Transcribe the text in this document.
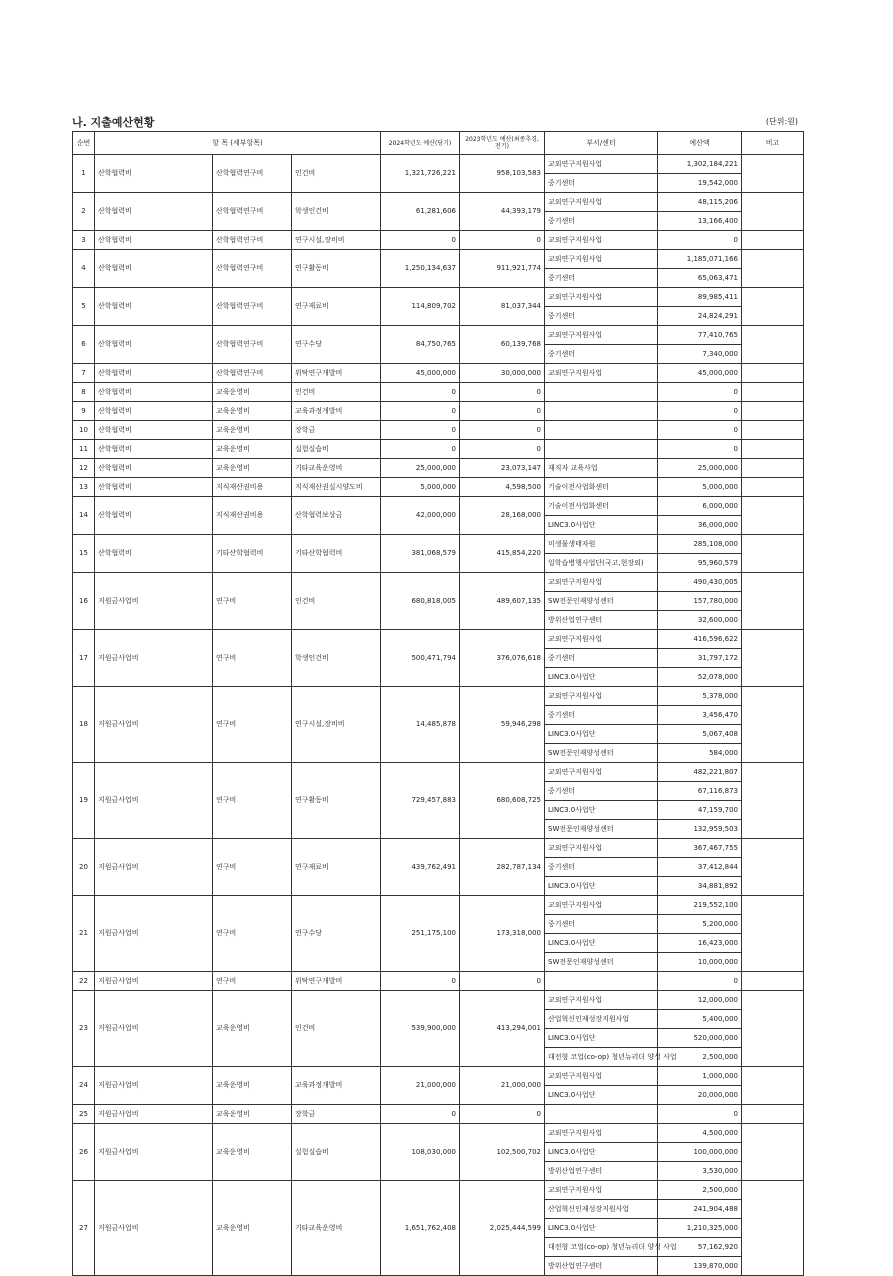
나. 지출예산현황	(단위:원)
순번	항 목 (세부항목)			2024학년도 예산(당기)	2023학년도 예산(최종추경,전기)	부서/센터	예산액	비고
1	산학협력비	산학협력연구비	인건비	1,321,726,221	958,103,583	교외연구지원사업	1,302,184,221	
						중기센터	19,542,000	
2	산학협력비	산학협력연구비	학생인건비	61,281,606	44,393,179	교외연구지원사업	48,115,206	
						중기센터	13,166,400	
3	산학협력비	산학협력연구비	연구시설,장비비	0	0	교외연구지원사업	0	
4	산학협력비	산학협력연구비	연구활동비	1,250,134,637	911,921,774	교외연구지원사업	1,185,071,166	
						중기센터	65,063,471	
5	산학협력비	산학협력연구비	연구재료비	114,809,702	81,037,344	교외연구지원사업	89,985,411	
						중기센터	24,824,291	
6	산학협력비	산학협력연구비	연구수당	84,750,765	60,139,768	교외연구지원사업	77,410,765	
						중기센터	7,340,000	
7	산학협력비	산학협력연구비	위탁연구개발비	45,000,000	30,000,000	교외연구지원사업	45,000,000	
8	산학협력비	교육운영비	인건비	0	0		0	
9	산학협력비	교육운영비	교육과정개발비	0	0		0	
10	산학협력비	교육운영비	장학금	0	0		0	
11	산학협력비	교육운영비	실험실습비	0	0		0	
12	산학협력비	교육운영비	기타교육운영비	25,000,000	23,073,147	재직자 교육사업	25,000,000	
13	산학협력비	지식재산권비용	지식재산권실시양도비	5,000,000	4,598,500	기술이전사업화센터	5,000,000	
14	산학협력비	지식재산권비용	산학협력보상금	42,000,000	28,168,000	기술이전사업화센터	6,000,000	
						LINC3.0사업단	36,000,000	
15	산학협력비	기타산학협력비	기타산학협력비	381,068,579	415,854,220	미생물생태자원	285,108,000	
						일학습병행사업단(국고,현장외)	95,960,579	
16	지원금사업비	연구비	인건비	680,818,005	489,607,135	교외연구지원사업	490,430,005	
						SW전문인재양성센터	157,780,000	
						방위산업연구센터	32,600,000	
17	지원금사업비	연구비	학생인건비	500,471,794	376,076,618	교외연구지원사업	416,596,622	
						중기센터	31,797,172	
						LINC3.0사업단	52,078,000	
18	지원금사업비	연구비	연구시설,장비비	14,485,878	59,946,298	교외연구지원사업	5,378,000	
						중기센터	3,456,470	
						LINC3.0사업단	5,067,408	
						SW전문인재양성센터	584,000	
19	지원금사업비	연구비	연구활동비	729,457,883	680,608,725	교외연구지원사업	482,221,807	
						중기센터	67,116,873	
						LINC3.0사업단	47,159,700	
						SW전문인재양성센터	132,959,503	
20	지원금사업비	연구비	연구재료비	439,762,491	282,787,134	교외연구지원사업	367,467,755	
						중기센터	37,412,844	
						LINC3.0사업단	34,881,892	
21	지원금사업비	연구비	연구수당	251,175,100	173,318,000	교외연구지원사업	219,552,100	
						중기센터	5,200,000	
						LINC3.0사업단	16,423,000	
						SW전문인재양성센터	10,000,000	
22	지원금사업비	연구비	위탁연구개발비	0	0		0	
23	지원금사업비	교육운영비	인건비	539,900,000	413,294,001	교외연구지원사업	12,000,000	
						산업혁신인재성장지원사업	5,400,000	
						LINC3.0사업단	520,000,000	
						대전형 코업(co-op) 청년뉴리더 양성 사업	2,500,000	
24	지원금사업비	교육운영비	교육과정개발비	21,000,000	21,000,000	교외연구지원사업	1,000,000	
						LINC3.0사업단	20,000,000	
25	지원금사업비	교육운영비	장학금	0	0		0	
26	지원금사업비	교육운영비	실험실습비	108,030,000	102,500,702	교외연구지원사업	4,500,000	
						LINC3.0사업단	100,000,000	
						방위산업연구센터	3,530,000	
27	지원금사업비	교육운영비	기타교육운영비	1,651,762,408	2,025,444,599	교외연구지원사업	2,500,000	
						산업혁신인재성장지원사업	241,904,488	
						LINC3.0사업단	1,210,325,000	
						대전형 코업(co-op) 청년뉴리더 양성 사업	57,162,920	
						방위산업연구센터	139,870,000	
